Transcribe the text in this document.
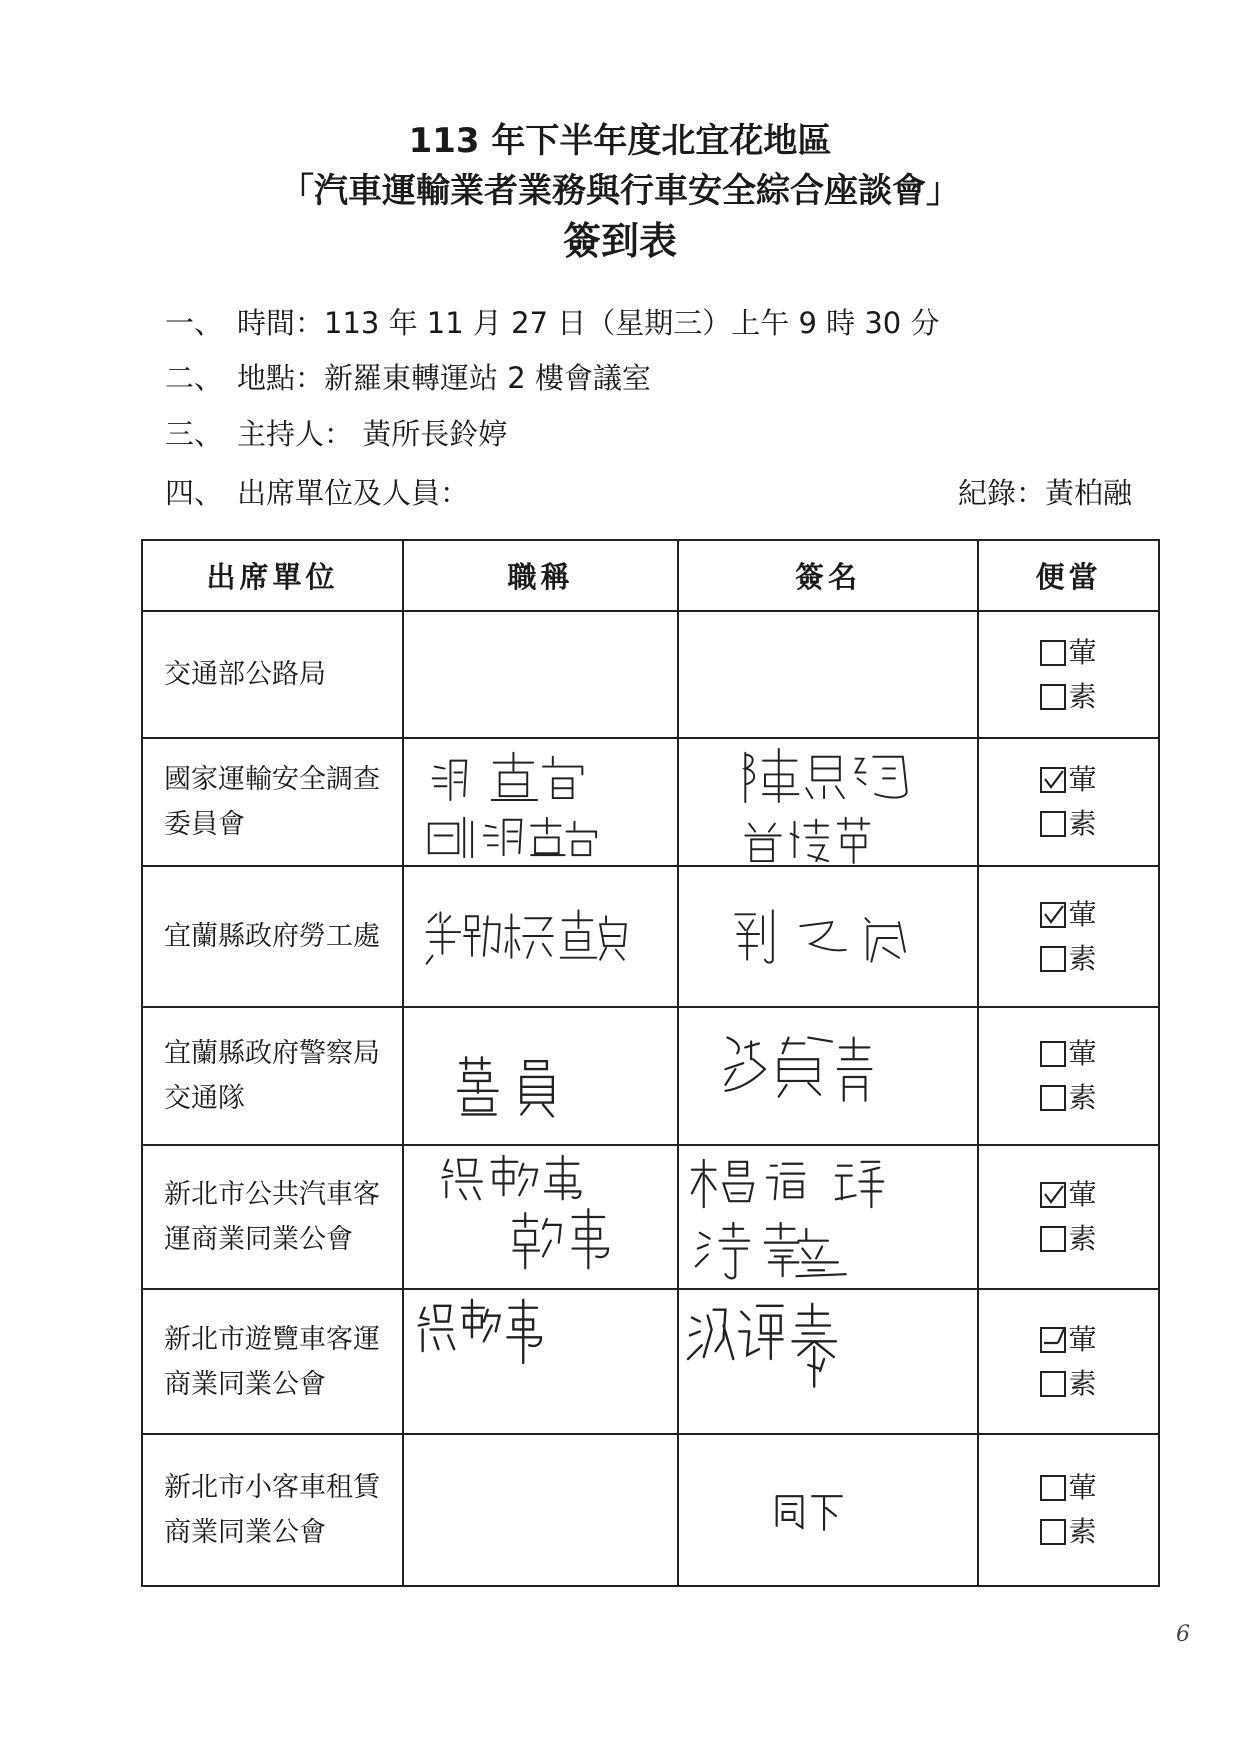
113 年下半年度北宜花地區
「汽車運輸業者業務與行車安全綜合座談會」
簽到表
一、 時間：113 年 11 月 27 日（星期三）上午 9 時 30 分
二、 地點：新羅東轉運站 2 樓會議室
三、 主持人： 黃所長鈴婷
四、 出席單位及人員：	紀錄：黃柏融
出席單位	職稱	簽名	便當
交通部公路局			葷
素

國家運輸安全調查委員會			葷
素

宜蘭縣政府勞工處			葷
素

宜蘭縣政府警察局交通隊			葷
素

新北市公共汽車客運商業同業公會			葷
素

新北市遊覽車客運商業同業公會			葷
素

新北市小客車租賃商業同業公會			葷
素
6
